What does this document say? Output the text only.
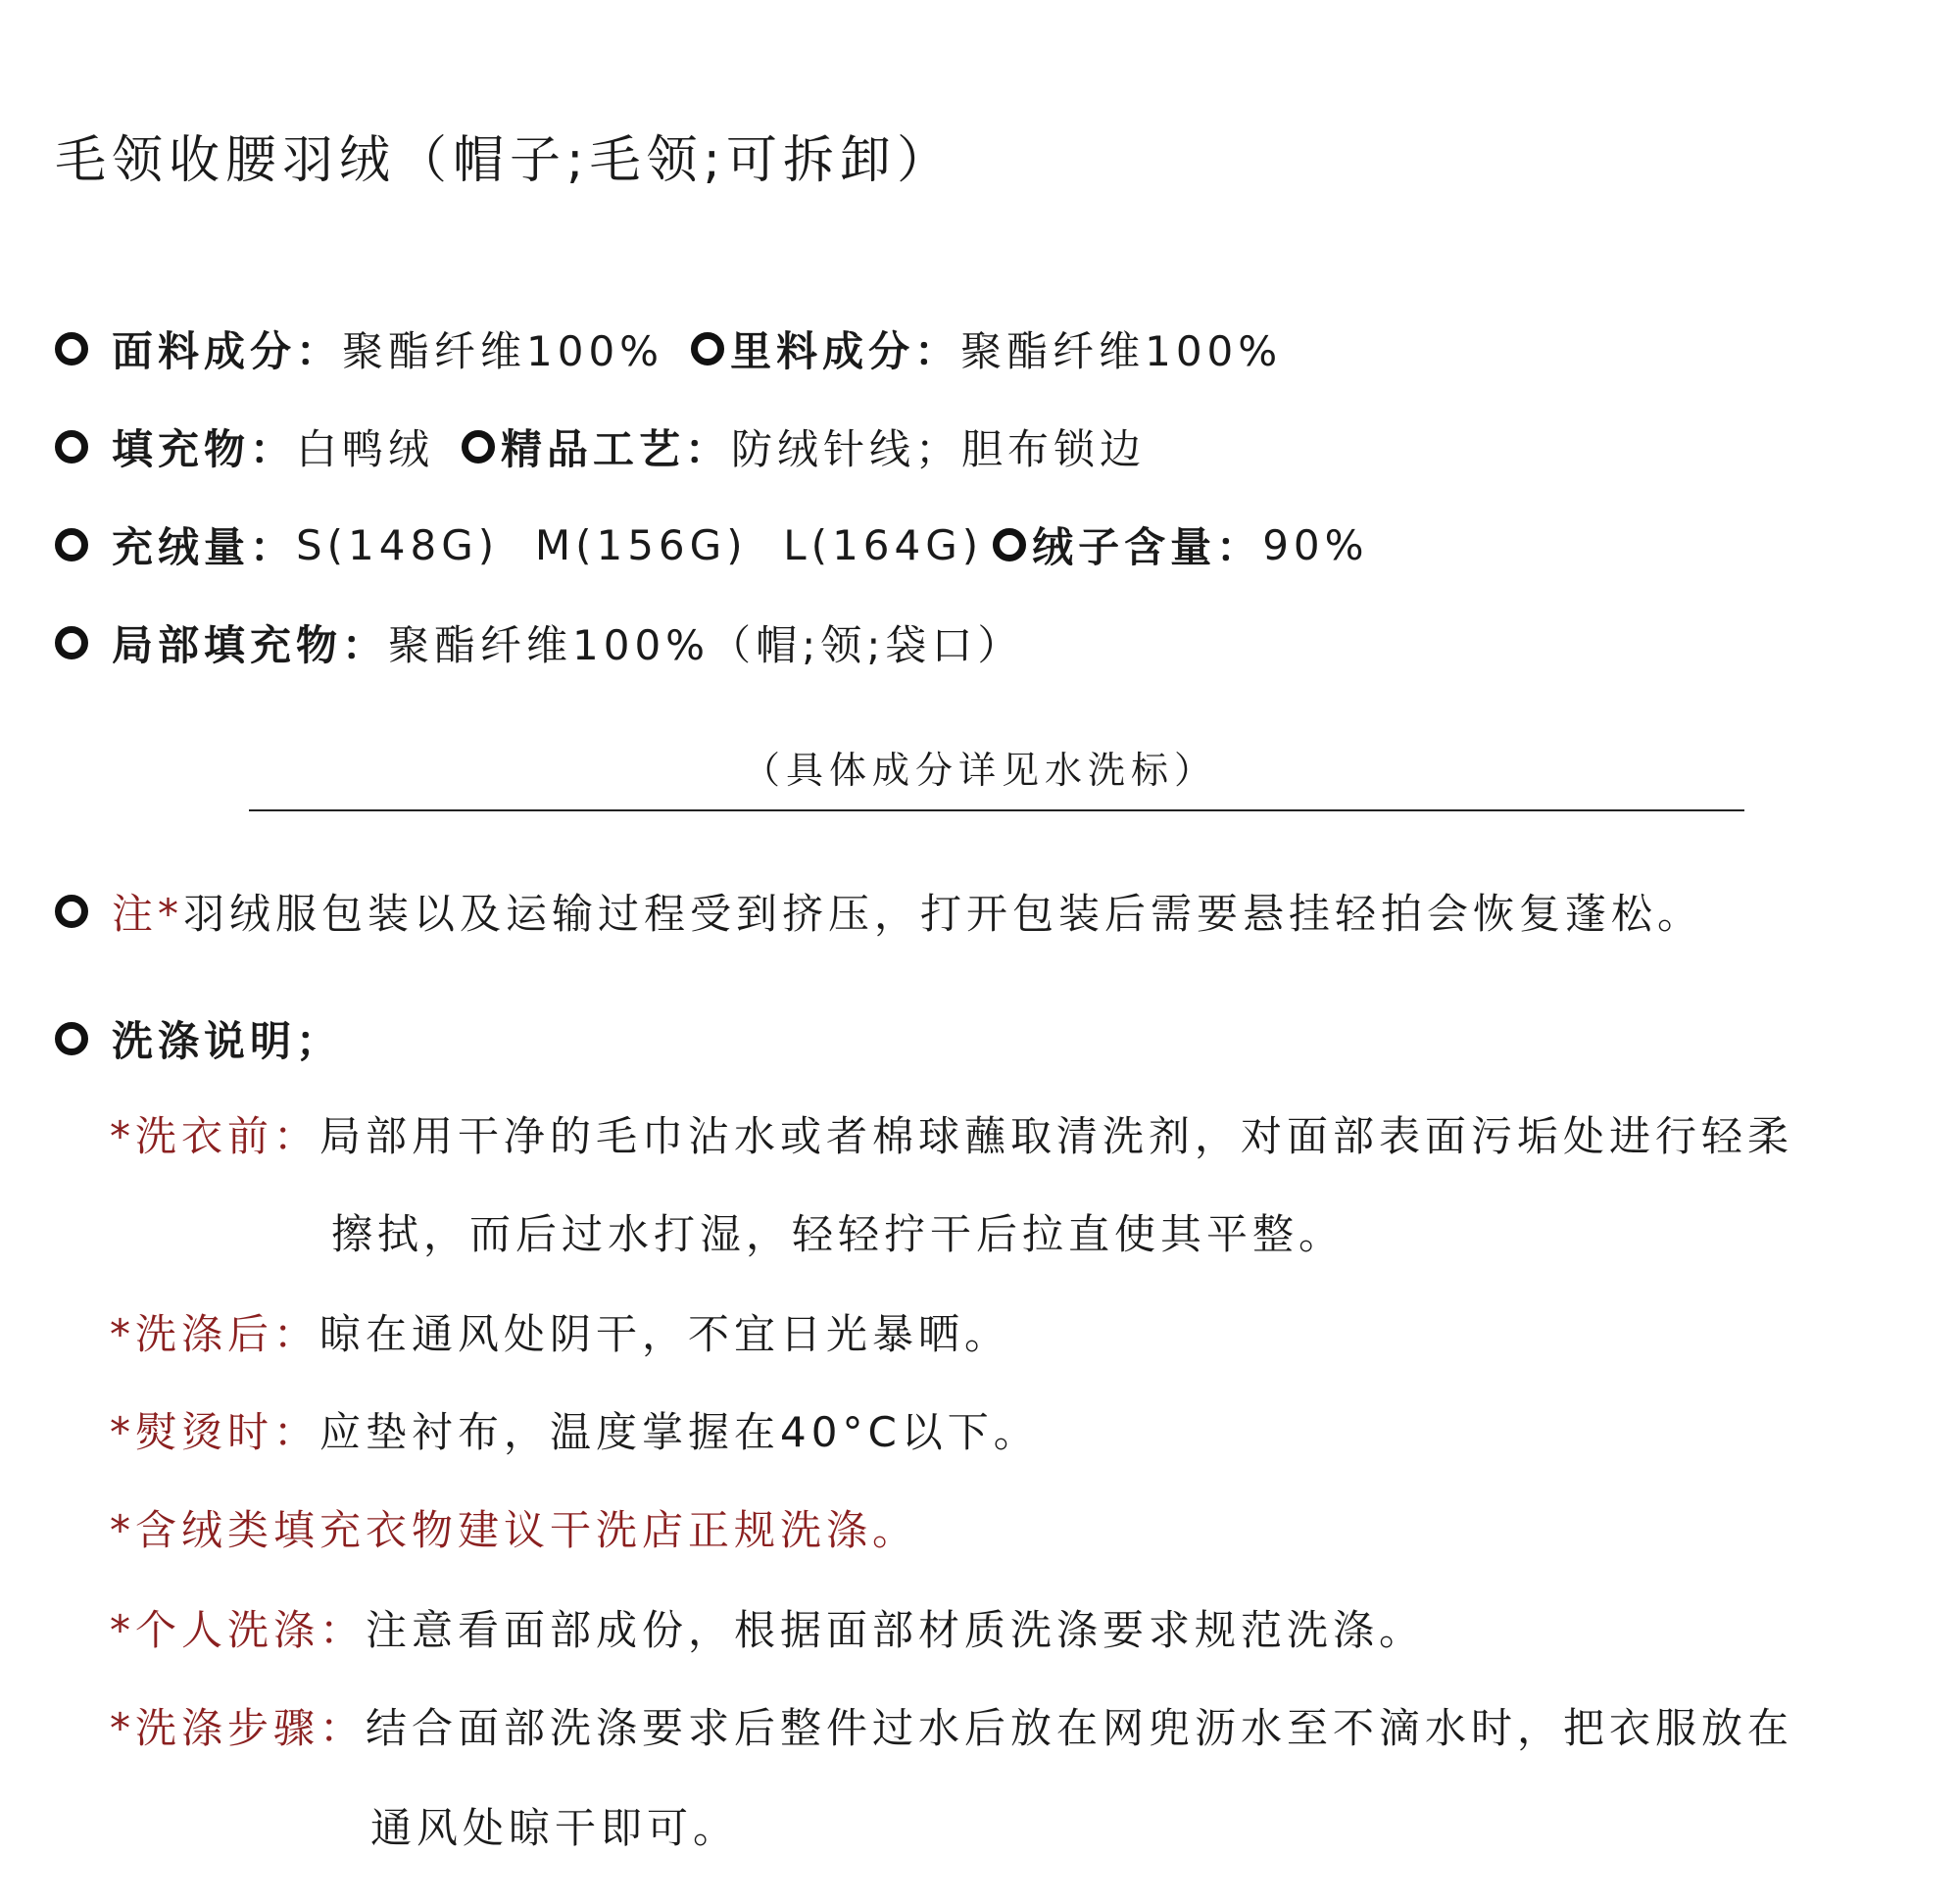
毛领收腰羽绒（帽子;毛领;可拆卸）
面料成分： 聚酯纤维100% 里料成分： 聚酯纤维100%
填充物： 白鸭绒 精品工艺： 防绒针线；胆布锁边
充绒量： S(148G)  M(156G)  L(164G) 绒子含量： 90%
局部填充物： 聚酯纤维100%（帽;领;袋口）
（具体成分详见水洗标）
注* 羽绒服包装以及运输过程受到挤压，打开包装后需要悬挂轻拍会恢复蓬松。
洗涤说明；
*洗衣前：局部用干净的毛巾沾水或者棉球蘸取清洗剂，对面部表面污垢处进行轻柔
擦拭，而后过水打湿，轻轻拧干后拉直使其平整。
*洗涤后：晾在通风处阴干，不宜日光暴晒。
*熨烫时：应垫衬布，温度掌握在40°C以下。
*含绒类填充衣物建议干洗店正规洗涤。
*个人洗涤：注意看面部成份，根据面部材质洗涤要求规范洗涤。
*洗涤步骤：结合面部洗涤要求后整件过水后放在网兜沥水至不滴水时，把衣服放在
通风处晾干即可。
